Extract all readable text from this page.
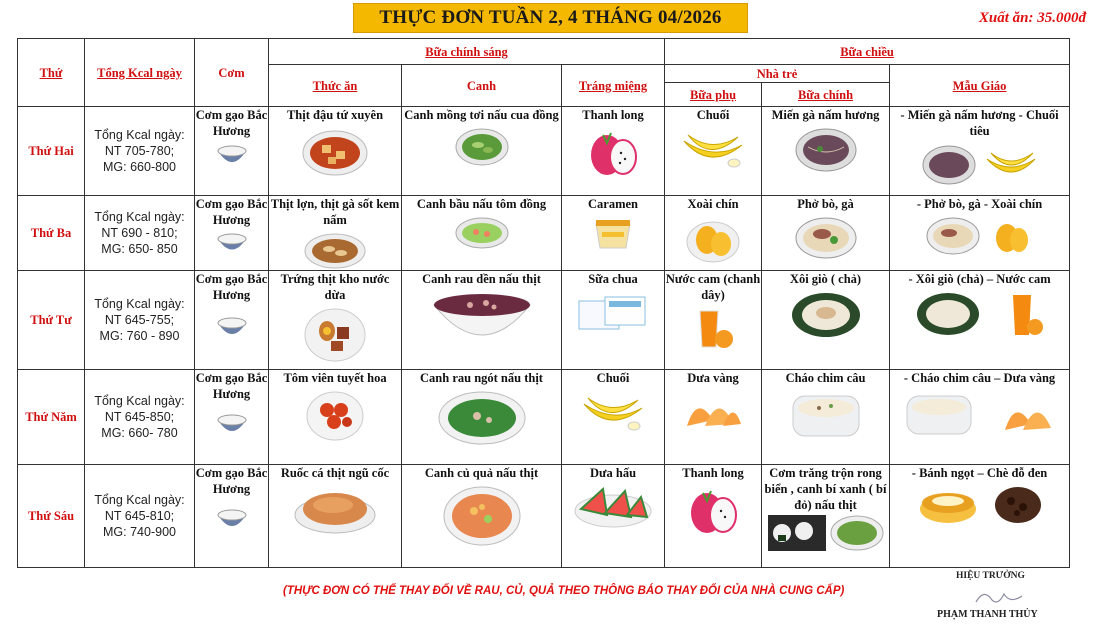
THỰC ĐƠN TUẦN 2, 4 THÁNG 04/2026	Xuất ăn: 35.000đ
Thứ	Tổng Kcal ngày	Cơm	Bữa chính sáng			Bữa chiều		
			Thức ăn	Canh	Tráng miệng	Nhà trẻ		Mẫu Giáo
						Bữa phụ	Bữa chính	
Thứ Hai	Tổng Kcal ngày:
NT 705-780;
MG: 660-800	Cơm gạo Bắc Hương	Thịt đậu tứ xuyên	Canh mồng tơi nấu cua đồng	Thanh long	Chuối	Miến gà nấm hương	- Miến gà nấm hương - Chuối tiêu

Thứ Ba	Tổng Kcal ngày:
NT 690 - 810;
MG: 650- 850	Cơm gạo Bắc Hương	Thịt lợn, thịt gà sốt kem nấm	Canh bầu nấu tôm đồng	Caramen	Xoài chín	Phở bò, gà	- Phở bò, gà - Xoài chín

Thứ Tư	Tổng Kcal ngày:
NT 645-755;
MG: 760 - 890	Cơm gạo Bắc Hương	Trứng thịt kho nước dừa	Canh rau dền nấu thịt	Sữa chua	Nước cam (chanh dây)	Xôi giò ( chả)	- Xôi giò (chả) – Nước cam

Thứ Năm	Tổng Kcal ngày:
NT 645-850;
MG: 660- 780	Cơm gạo Bắc Hương	Tôm viên tuyết hoa	Canh rau ngót nấu thịt	Chuối	Dưa vàng	Cháo chim câu	- Cháo chim câu – Dưa vàng

Thứ Sáu	Tổng Kcal ngày:
NT 645-810;
MG: 740-900	Cơm gạo Bắc Hương	Ruốc cá thịt ngũ cốc	Canh củ quả nấu thịt	Dưa hấu	Thanh long	Cơm trăng trộn rong biển , canh bí xanh ( bí đỏ) nấu thịt	- Bánh ngọt – Chè đỗ đen
(THỰC ĐƠN CÓ THỂ THAY ĐỔI VỀ RAU, CỦ, QUẢ THEO THÔNG BÁO THAY ĐỔI CỦA NHÀ CUNG CẤP)
HIỆU TRƯỞNG
PHẠM THANH THỦY
